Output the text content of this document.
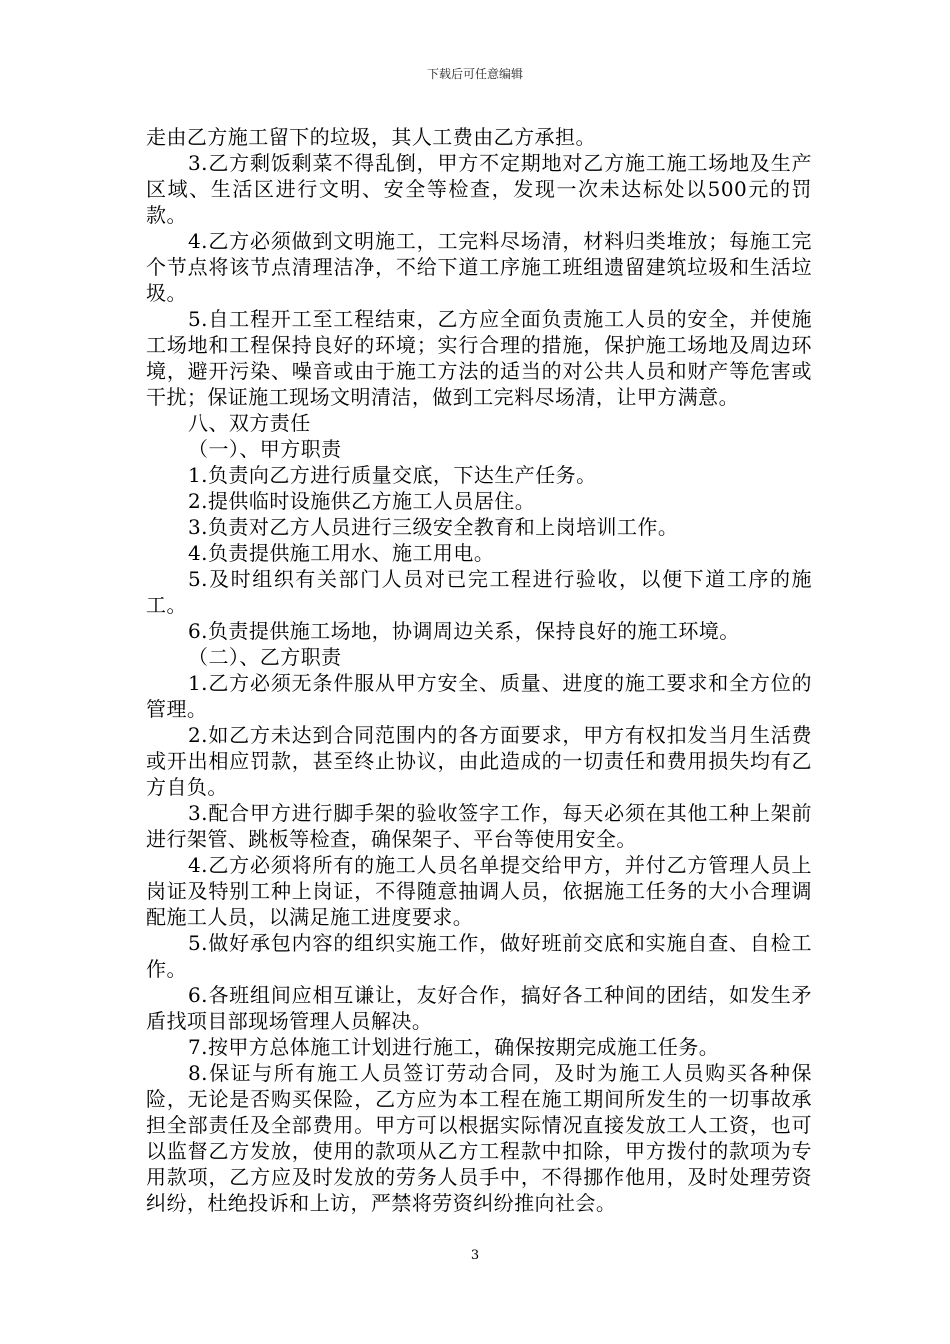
下载后可任意编辑

走由乙方施工留下的垃圾，其人工费由乙方承担。

3.乙方剩饭剩菜不得乱倒，甲方不定期地对乙方施工施工场地及生产区域、生活区进行文明、安全等检查，发现一次未达标处以500元的罚款。

4.乙方必须做到文明施工，工完料尽场清，材料归类堆放；每施工完个节点将该节点清理洁净，不给下道工序施工班组遗留建筑垃圾和生活垃圾。

5.自工程开工至工程结束，乙方应全面负责施工人员的安全，并使施工场地和工程保持良好的环境；实行合理的措施，保护施工场地及周边环境，避开污染、噪音或由于施工方法的适当的对公共人员和财产等危害或干扰；保证施工现场文明清洁，做到工完料尽场清，让甲方满意。

八、双方责任

（一）、甲方职责

1.负责向乙方进行质量交底，下达生产任务。

2.提供临时设施供乙方施工人员居住。

3.负责对乙方人员进行三级安全教育和上岗培训工作。

4.负责提供施工用水、施工用电。

5.及时组织有关部门人员对已完工程进行验收，以便下道工序的施工。

6.负责提供施工场地，协调周边关系，保持良好的施工环境。

（二）、乙方职责

1.乙方必须无条件服从甲方安全、质量、进度的施工要求和全方位的管理。

2.如乙方未达到合同范围内的各方面要求，甲方有权扣发当月生活费或开出相应罚款，甚至终止协议，由此造成的一切责任和费用损失均有乙方自负。

3.配合甲方进行脚手架的验收签字工作，每天必须在其他工种上架前进行架管、跳板等检查，确保架子、平台等使用安全。

4.乙方必须将所有的施工人员名单提交给甲方，并付乙方管理人员上岗证及特别工种上岗证，不得随意抽调人员，依据施工任务的大小合理调配施工人员，以满足施工进度要求。

5.做好承包内容的组织实施工作，做好班前交底和实施自查、自检工作。

6.各班组间应相互谦让，友好合作，搞好各工种间的团结，如发生矛盾找项目部现场管理人员解决。

7.按甲方总体施工计划进行施工，确保按期完成施工任务。

8.保证与所有施工人员签订劳动合同，及时为施工人员购买各种保险，无论是否购买保险，乙方应为本工程在施工期间所发生的一切事故承担全部责任及全部费用。甲方可以根据实际情况直接发放工人工资，也可以监督乙方发放，使用的款项从乙方工程款中扣除，甲方拨付的款项为专用款项，乙方应及时发放的劳务人员手中，不得挪作他用，及时处理劳资纠纷，杜绝投诉和上访，严禁将劳资纠纷推向社会。

3
